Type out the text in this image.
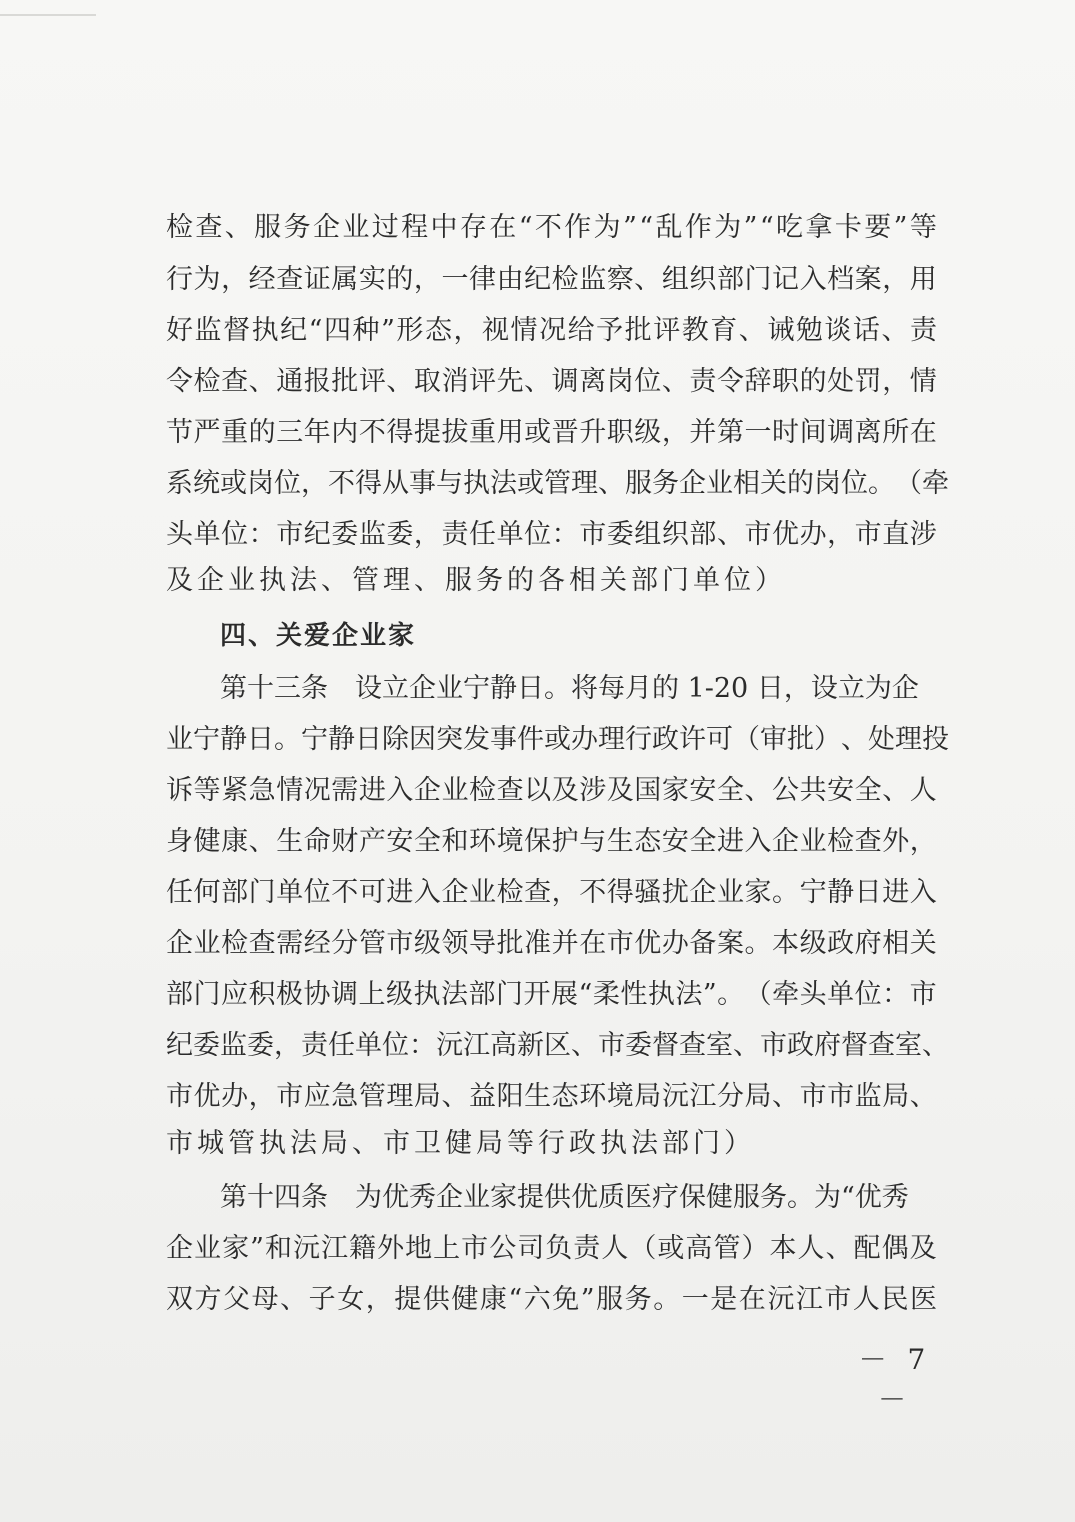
检 查 、 服 务 企 业 过 程 中 存 在 “ 不 作 为 ” “ 乱 作 为 ” “ 吃 拿 卡 要 ” 等
行 为 ， 经 查 证 属 实 的 ， 一 律 由 纪 检 监 察 、 组 织 部 门 记 入 档 案 ， 用
好 监 督 执 纪 “ 四 种 ” 形 态 ， 视 情 况 给 予 批 评 教 育 、 诫 勉 谈 话 、 责
令 检 查 、 通 报 批 评 、 取 消 评 先 、 调 离 岗 位 、 责 令 辞 职 的 处 罚 ， 情
节 严 重 的 三 年 内 不 得 提 拔 重 用 或 晋 升 职 级 ， 并 第 一 时 间 调 离 所 在
系 统 或 岗 位 ， 不 得 从 事 与 执 法 或 管 理 、 服 务 企 业 相 关 的 岗 位 。 （ 牵
头 单 位 ： 市 纪 委 监 委 ， 责 任 单 位 ： 市 委 组 织 部 、 市 优 办 ， 市 直 涉
及企业执法、管理、服务的各相关部门单位）
四、关爱企业家
第十三条　设立企业宁静日。将每月的 1-20 日，设立为企
业 宁 静 日 。 宁 静 日 除 因 突 发 事 件 或 办 理 行 政 许 可 （ 审 批 ） 、 处 理 投
诉 等 紧 急 情 况 需 进 入 企 业 检 查 以 及 涉 及 国 家 安 全 、 公 共 安 全 、 人
身 健 康 、 生 命 财 产 安 全 和 环 境 保 护 与 生 态 安 全 进 入 企 业 检 查 外 ，
任 何 部 门 单 位 不 可 进 入 企 业 检 查 ， 不 得 骚 扰 企 业 家 。 宁 静 日 进 入
企 业 检 查 需 经 分 管 市 级 领 导 批 准 并 在 市 优 办 备 案 。 本 级 政 府 相 关
部 门 应 积 极 协 调 上 级 执 法 部 门 开 展 “ 柔 性 执 法 ” 。 （ 牵 头 单 位 ： 市
纪 委 监 委 ， 责 任 单 位 ： 沅 江 高 新 区 、 市 委 督 查 室 、 市 政 府 督 查 室 、
市 优 办 ， 市 应 急 管 理 局 、 益 阳 生 态 环 境 局 沅 江 分 局 、 市 市 监 局 、
市城管执法局、市卫健局等行政执法部门）
第十四条　为优秀企业家提供优质医疗保健服务。为“优秀
企 业 家 ” 和 沅 江 籍 外 地 上 市 公 司 负 责 人 （ 或 高 管 ） 本 人 、 配 偶 及
双 方 父 母 、 子 女 ， 提 供 健 康 “ 六 免 ” 服 务 。 一 是 在 沅 江 市 人 民 医
－ 7 －
